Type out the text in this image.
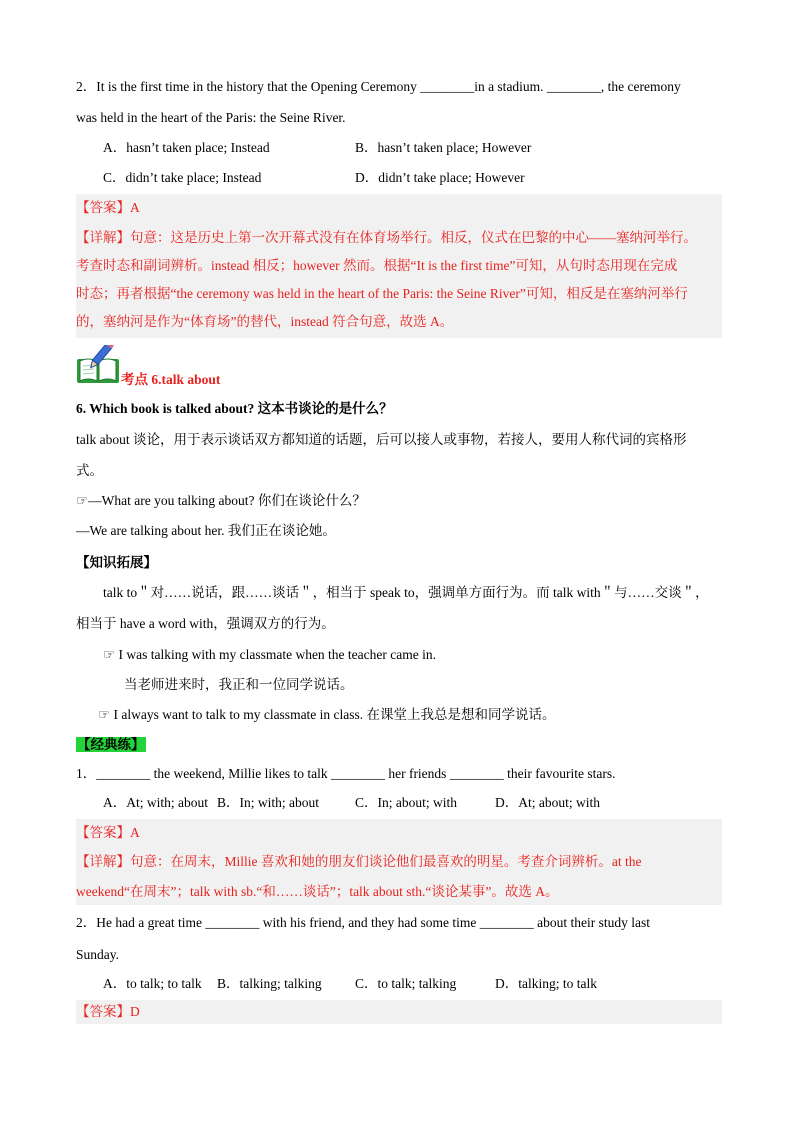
2．It is the first time in the history that the Opening Ceremony ________in a stadium. ________, the ceremony
was held in the heart of the Paris: the Seine River.
A．hasn’t taken place; Instead	B．hasn’t taken place; However
C．didn’t take place; Instead	D．didn’t take place; However
【答案】A
【详解】句意：这是历史上第一次开幕式没有在体育场举行。相反，仪式在巴黎的中心——塞纳河举行。
考查时态和副词辨析。instead 相反；however 然而。根据“It is the first time”可知，从句时态用现在完成
时态；再者根据“the ceremony was held in the heart of the Paris: the Seine River”可知，相反是在塞纳河举行
的，塞纳河是作为“体育场”的替代，instead 符合句意，故选 A。
考点 6.talk about
6. Which book is talked about? 这本书谈论的是什么？
talk about 谈论，用于表示谈话双方都知道的话题，后可以接人或事物，若接人，要用人称代词的宾格形
式。
☞—What are you talking about? 你们在谈论什么？
—We are talking about her. 我们正在谈论她。
【知识拓展】
talk to＂对……说话，跟……谈话＂，相当于 speak to，强调单方面行为。而 talk with＂与……交谈＂，
相当于 have a word with，强调双方的行为。
☞ I was talking with my classmate when the teacher came in.
当老师进来时，我正和一位同学说话。
☞ I always want to talk to my classmate in class. 在课堂上我总是想和同学说话。
【经典练】
1．________ the weekend, Millie likes to talk ________ her friends ________ their favourite stars.
A．At; with; about B．In; with; about	C．In; about; with	D．At; about; with
【答案】A
【详解】句意：在周末，Millie 喜欢和她的朋友们谈论他们最喜欢的明星。考查介词辨析。at the
weekend“在周末”；talk with sb.“和……谈话”；talk about sth.“谈论某事”。故选 A。
2．He had a great time ________ with his friend, and they had some time ________ about their study last
Sunday.
A．to talk; to talk B．talking; talking C．to talk; talking	D．talking; to talk
【答案】D
